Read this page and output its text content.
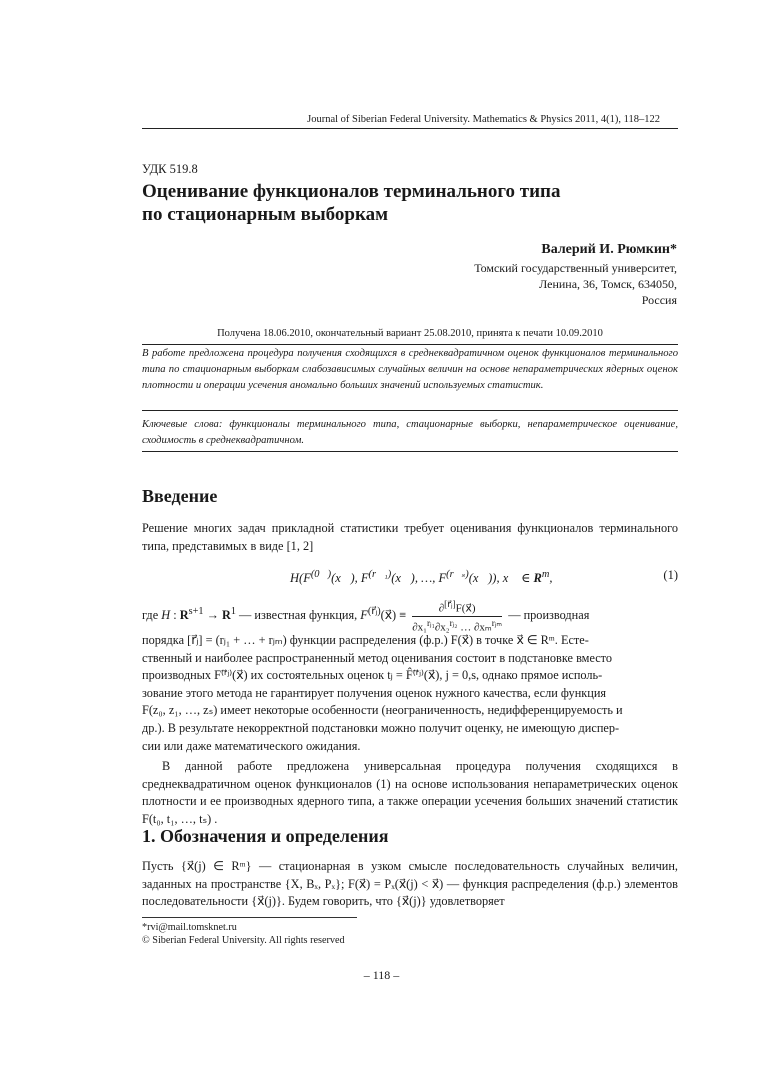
Journal of Siberian Federal University. Mathematics & Physics 2011, 4(1), 118–122
УДК 519.8
Оценивание функционалов терминального типа
по стационарным выборкам
Валерий И. Рюмкин*
Томский государственный университет,
Ленина, 36, Томск, 634050,
Россия
Получена 18.06.2010, окончательный вариант 25.08.2010, принята к печати 10.09.2010
В работе предложена процедура получения сходящихся в среднеквадратичном оценок функционалов терминального типа по стационарным выборкам слабозависимых случайных величин на основе непараметрических ядерных оценок плотности и операции усечения аномально больших значений используемых статистик.
Ключевые слова: функционалы терминального типа, стационарные выборки, непараметрическое оценивание, сходимость в среднеквадратичном.
Введение
Решение многих задач прикладной статистики требует оценивания функционалов терминального типа, представимых в виде [1, 2]
$H(F^{(0⃗)}(x⃗)$, $F^{(r⃗_1)}(x⃗)$, …, $F^{(r⃗_s)}(x⃗)$), x⃗ ∈ $R^m$,	(1)
где H : $R^{s+1} \to R^1$ — известная функция, $F^{(r⃗ⱼ)}(x⃗) \equiv \frac{\partial^{[r⃗ⱼ]}F(x⃗)}{\partial x_1^{rⱼ_1}\partial x_2^{rⱼ_2} \dots \partial x_m^{rⱼ_m}}$ — производная
порядка [r⃗ⱼ] = (rⱼ₁ + … + rⱼₘ) функции распределения (ф.р.) F(x⃗) в точке x⃗ ∈ Rᵐ. Есте-
ственный и наиболее распространенный метод оценивания состоит в подстановке вместо
производных F⁽ʳ⃗ʲ⁾(x⃗) их состоятельных оценок tⱼ = F̂⁽ʳ⃗ʲ⁾(x⃗), j = 0,s, однако прямое исполь-
зование этого метода не гарантирует получения оценок нужного качества, если функция
F(z₀, z₁, …, zₛ) имеет некоторые особенности (неограниченность, недифференцируемость и
др.). В результате некорректной подстановки можно получит оценку, не имеющую диспер-
сии или даже математического ожидания.
В данной работе предложена универсальная процедура получения сходящихся в среднеквадратичном оценок функционалов (1) на основе использования непараметрических оценок плотности и ее производных ядерного типа, а также операции усечения больших значений статистик F(t₀, t₁, …, tₛ) .
1. Обозначения и определения
Пусть {x⃗(j) ∈ Rᵐ} — стационарная в узком смысле последовательность случайных величин, заданных на пространстве {X, Bₓ, Pₓ}; F(x⃗) = Pₓ(x⃗(j) < x⃗) — функция распределения (ф.р.) элементов последовательности {x⃗(j)}. Будем говорить, что {x⃗(j)} удовлетворяет
*rvi@mail.tomsknet.ru
© Siberian Federal University. All rights reserved
– 118 –
